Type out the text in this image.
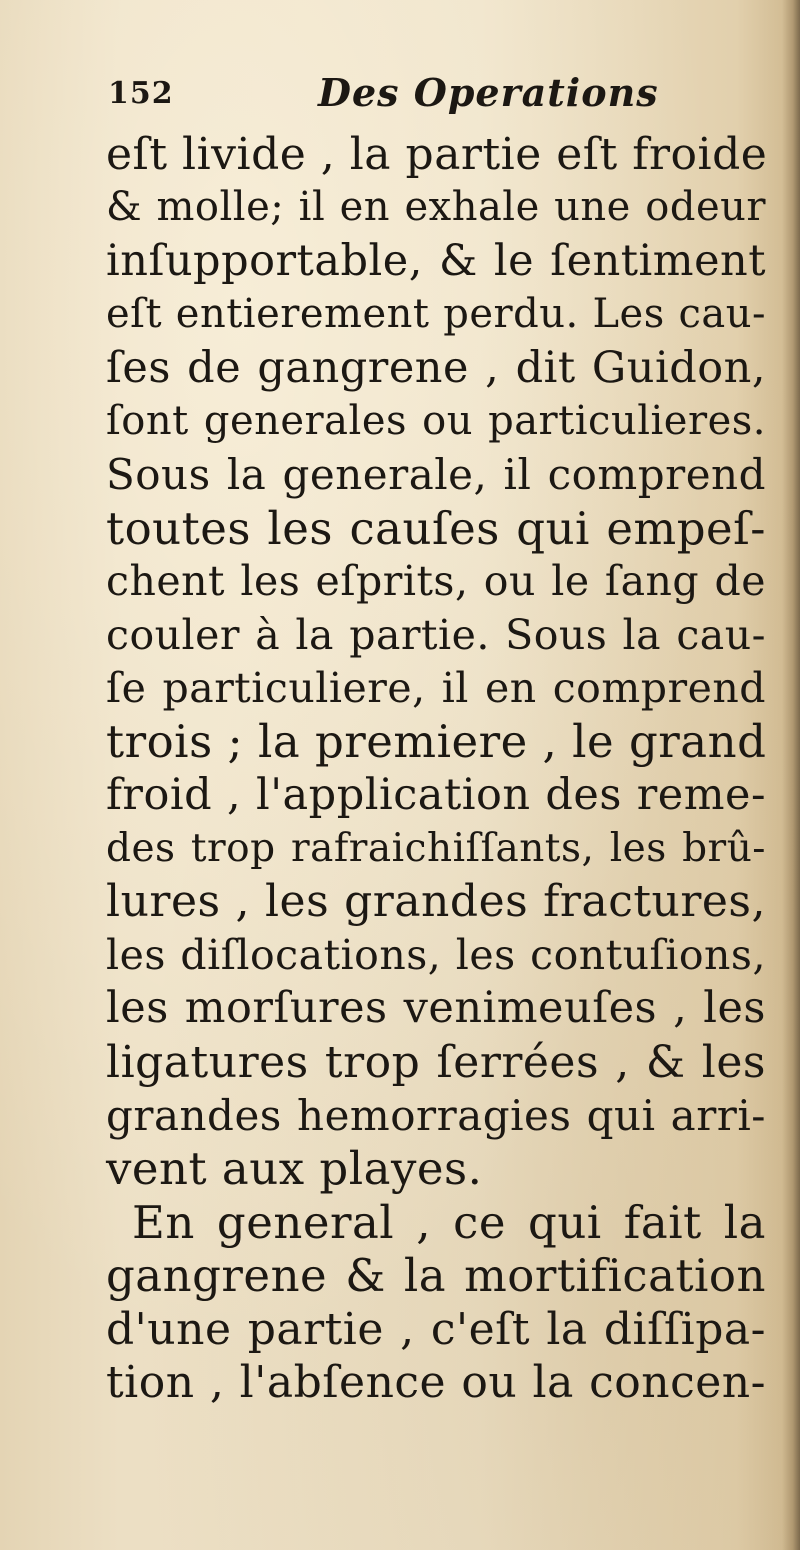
152	Des Operations
eſt livide , la partie eſt froide
& molle; il en exhale une odeur
inſupportable, & le ſentiment
eſt entierement perdu. Les cau-
ſes de gangrene , dit Guidon,
ſont generales ou particulieres.
Sous la generale, il comprend
toutes les cauſes qui empeſ-
chent les eſprits, ou le ſang de
couler à la partie. Sous la cau-
ſe particuliere, il en comprend
trois ; la premiere , le grand
froid , l'application des reme-
des trop rafraichiſſants, les brû-
lures , les grandes fractures,
les diſlocations, les contuſions,
les morſures venimeuſes , les
ligatures trop ſerrées , & les
grandes hemorragies qui arri-
vent aux playes.
En general , ce qui fait la
gangrene & la mortification
d'une partie , c'eſt la diſſipa-
tion , l'abſence ou la concen-
